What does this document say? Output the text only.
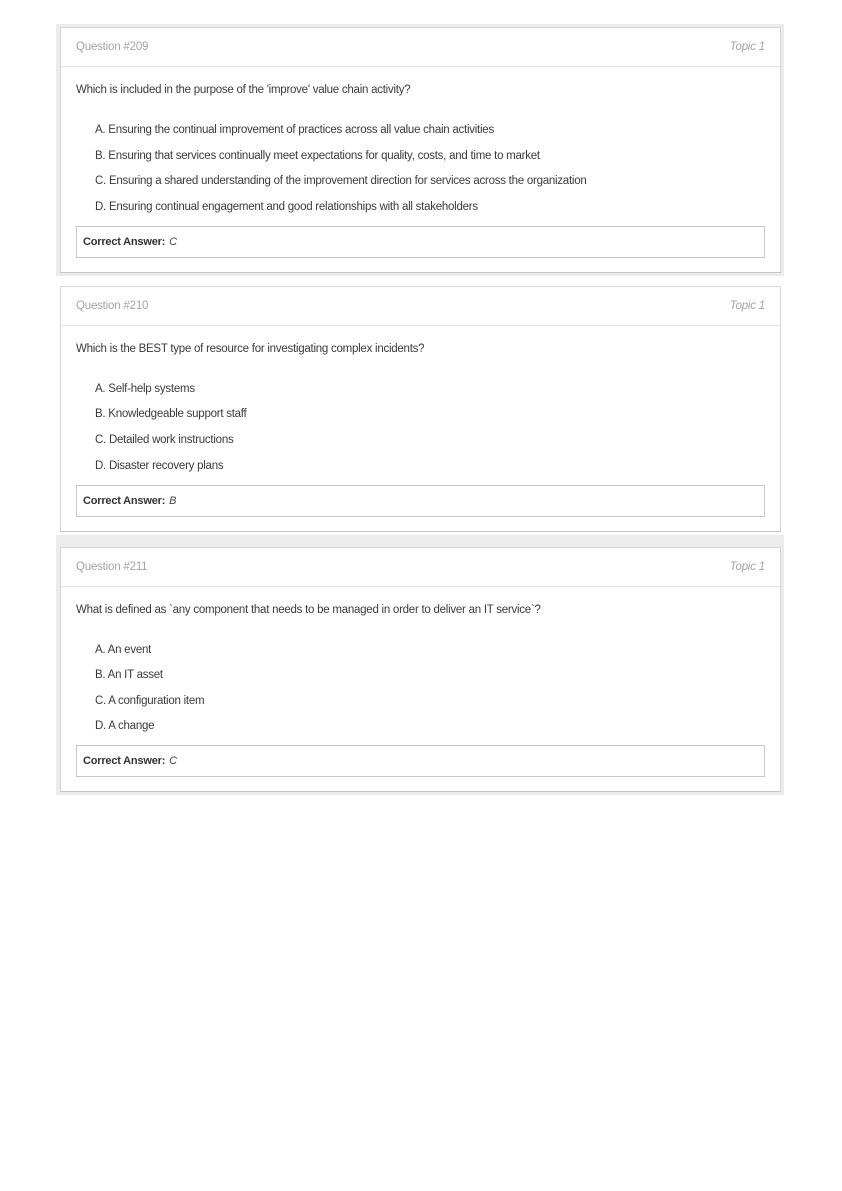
Question #209	Topic 1

Which is included in the purpose of the 'improve' value chain activity?

A. Ensuring the continual improvement of practices across all value chain activities
B. Ensuring that services continually meet expectations for quality, costs, and time to market
C. Ensuring a shared understanding of the improvement direction for services across the organization
D. Ensuring continual engagement and good relationships with all stakeholders
Correct Answer: C
Question #210	Topic 1

Which is the BEST type of resource for investigating complex incidents?

A. Self-help systems
B. Knowledgeable support staff
C. Detailed work instructions
D. Disaster recovery plans
Correct Answer: B
Question #211	Topic 1

What is defined as `any component that needs to be managed in order to deliver an IT service`?

A. An event
B. An IT asset
C. A configuration item
D. A change
Correct Answer: C
